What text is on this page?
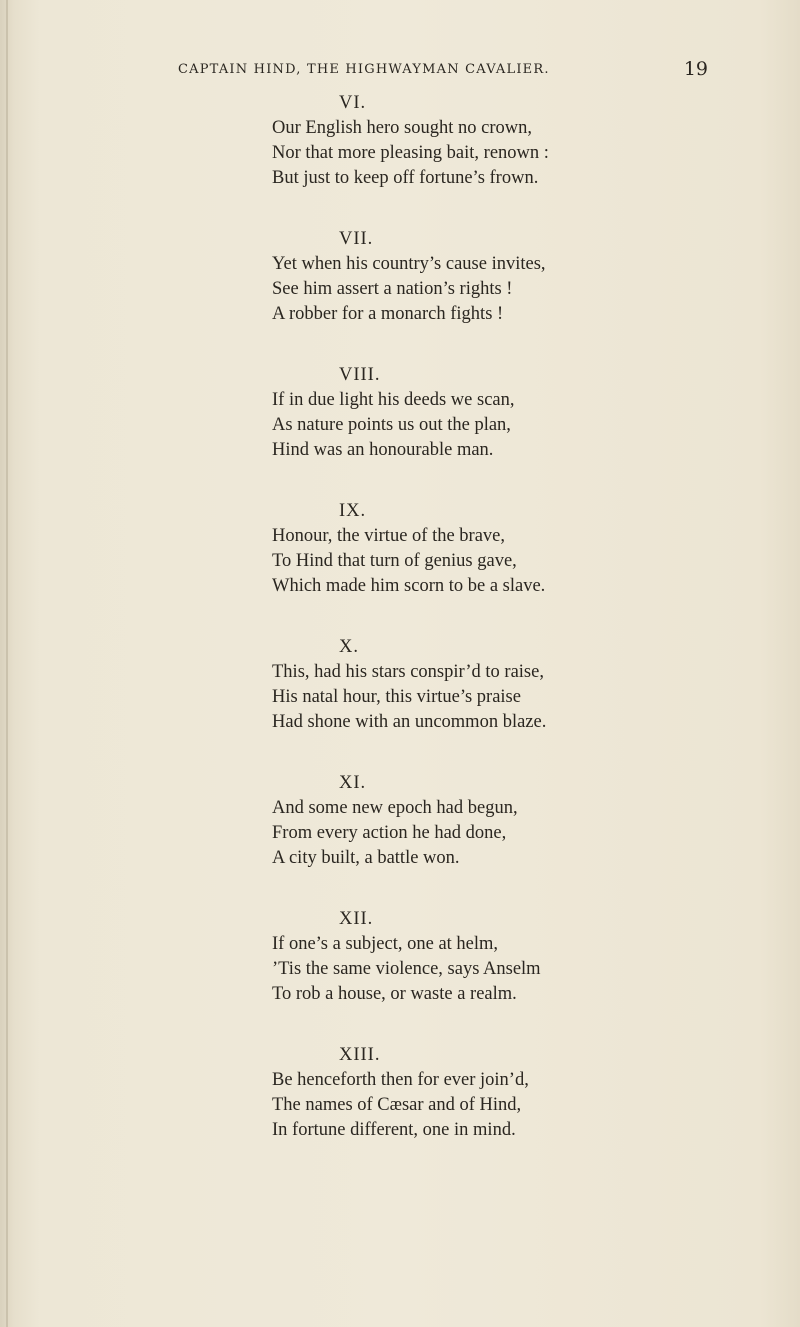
CAPTAIN HIND, THE HIGHWAYMAN CAVALIER.	19
VI.
Our English hero sought no crown,
Nor that more pleasing bait, renown :
But just to keep off fortune’s frown.
VII.
Yet when his country’s cause invites,
See him assert a nation’s rights !
A robber for a monarch fights !
VIII.
If in due light his deeds we scan,
As nature points us out the plan,
Hind was an honourable man.
IX.
Honour, the virtue of the brave,
To Hind that turn of genius gave,
Which made him scorn to be a slave.
X.
This, had his stars conspir’d to raise,
His natal hour, this virtue’s praise
Had shone with an uncommon blaze.
XI.
And some new epoch had begun,
From every action he had done,
A city built, a battle won.
XII.
If one’s a subject, one at helm,
’Tis the same violence, says Anselm
To rob a house, or waste a realm.
XIII.
Be henceforth then for ever join’d,
The names of Cæsar and of Hind,
In fortune different, one in mind.
